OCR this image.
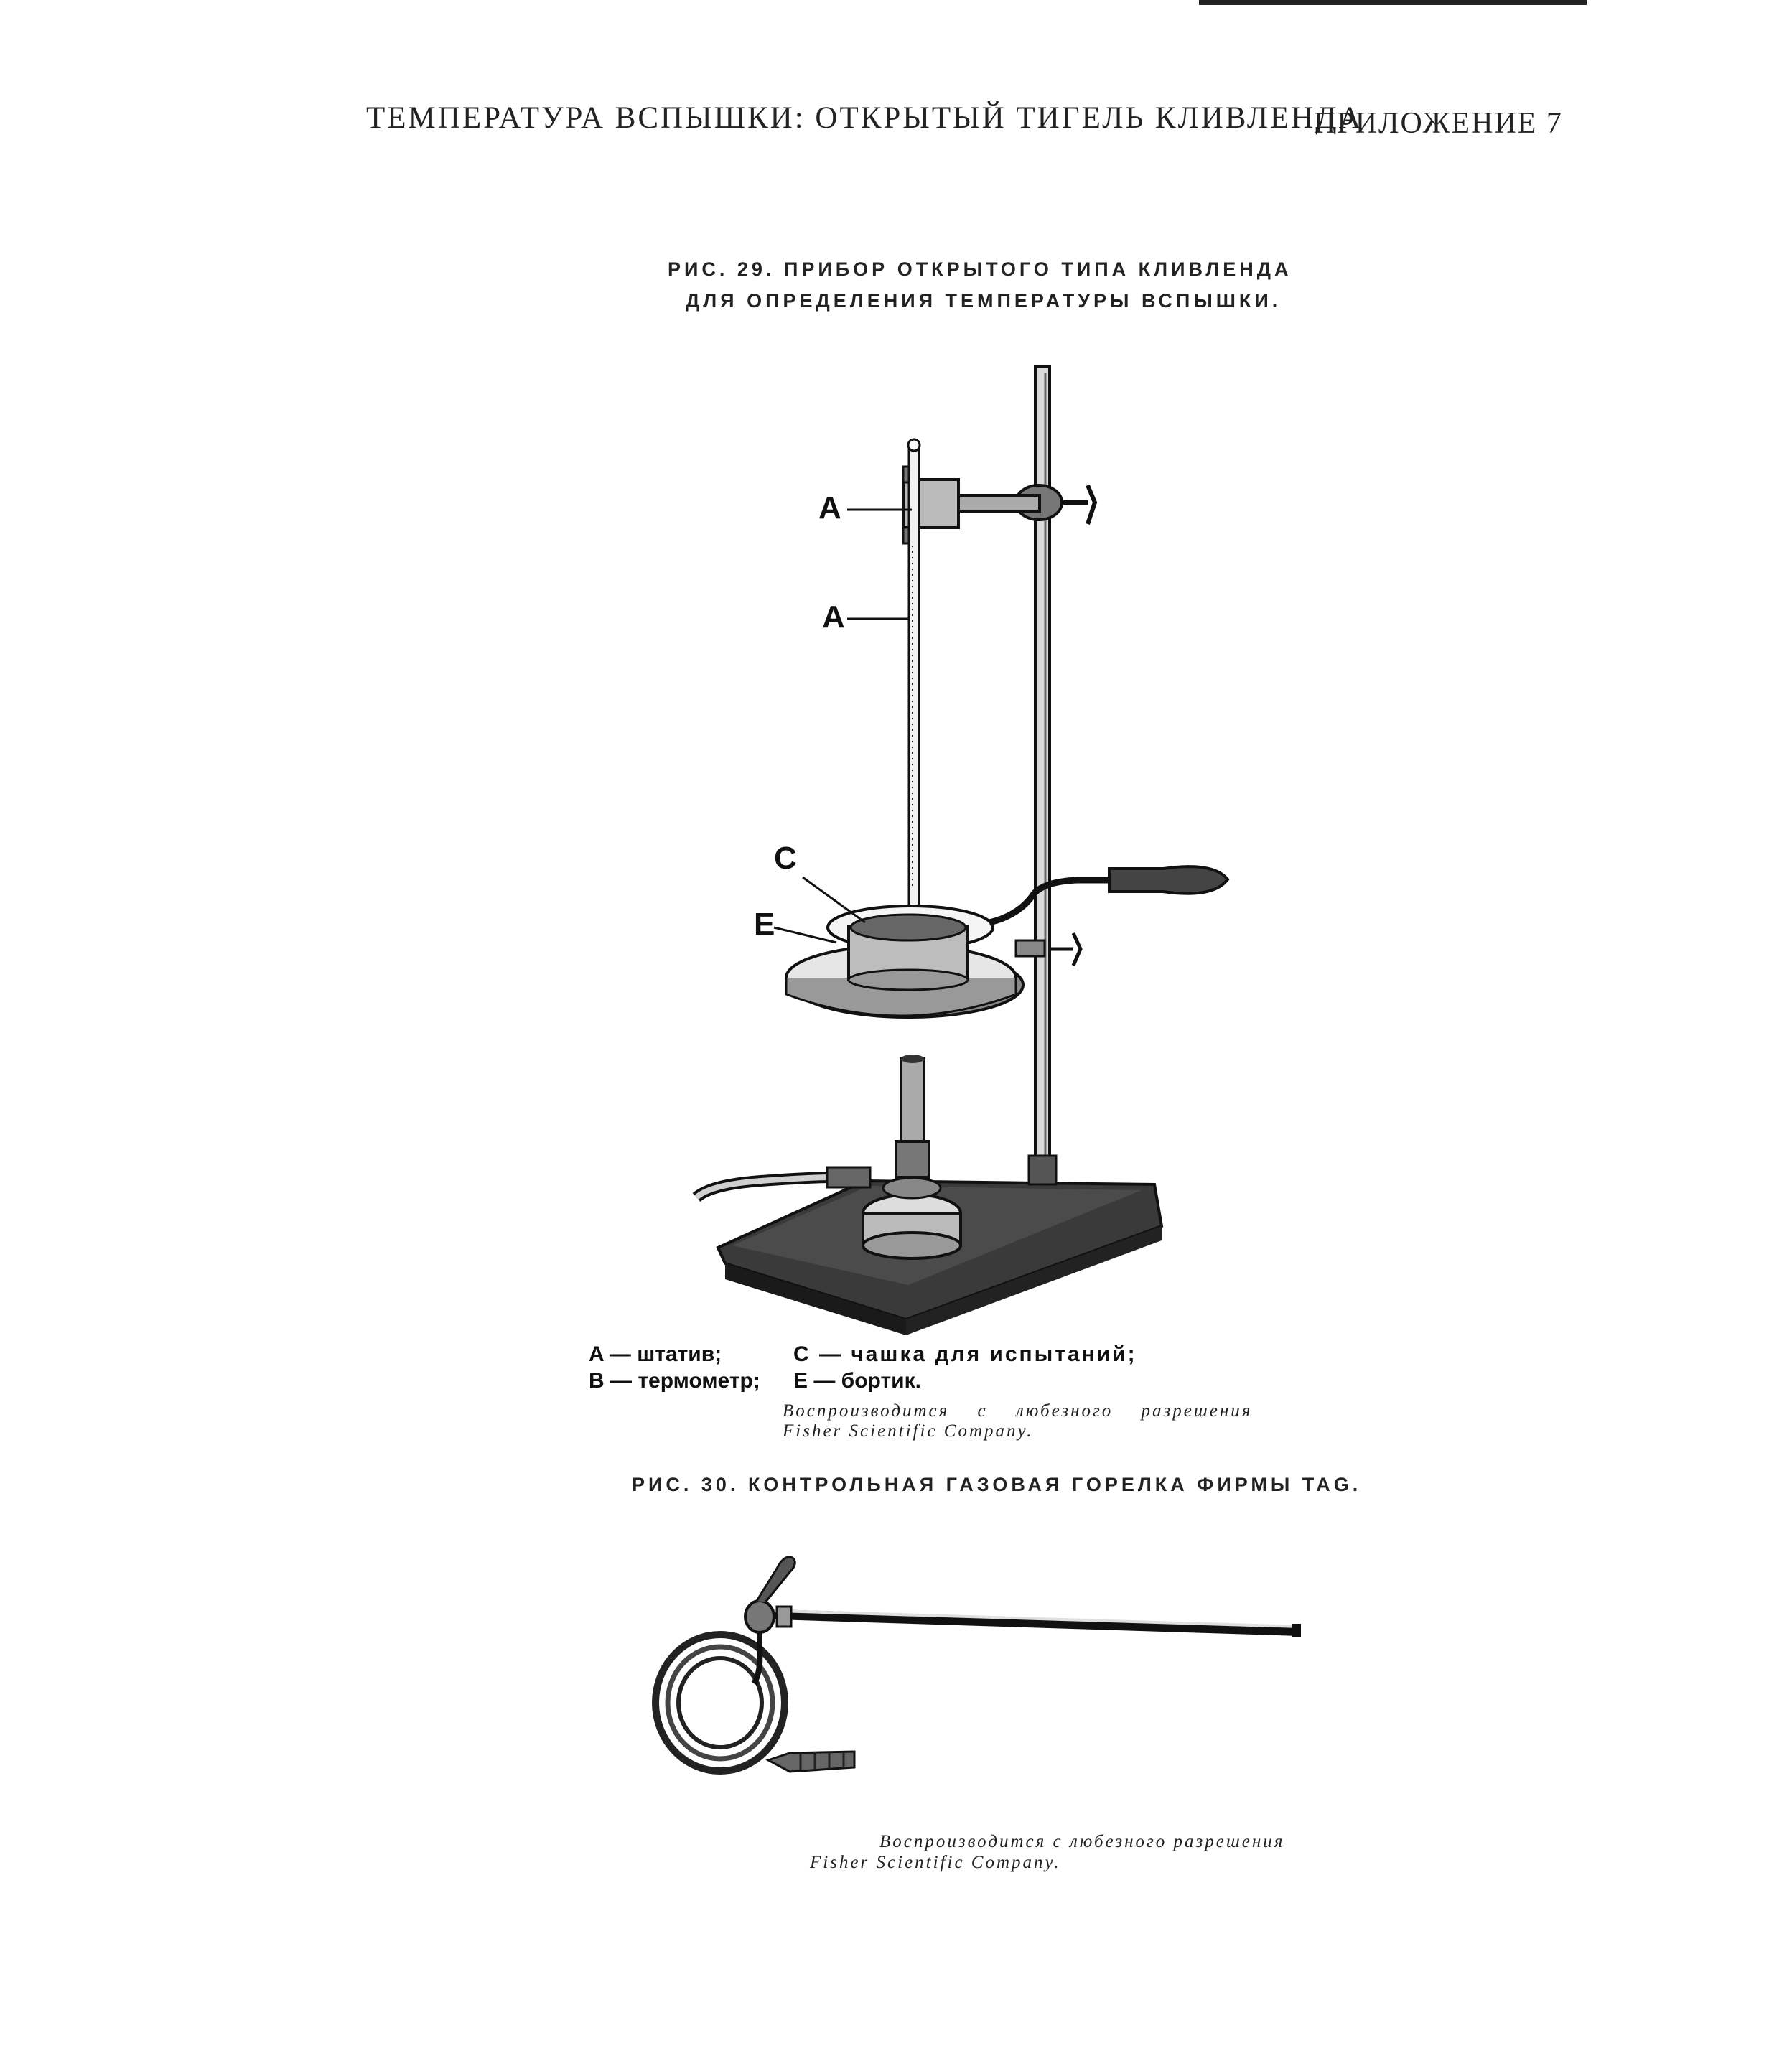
ТЕМПЕРАТУРА ВСПЫШКИ: ОТКРЫТЫЙ ТИГЕЛЬ КЛИВЛЕНДА
ПРИЛОЖЕНИЕ 7
РИС. 29. ПРИБОР ОТКРЫТОГО ТИПА КЛИВЛЕНДА
ДЛЯ ОПРЕДЕЛЕНИЯ ТЕМПЕРАТУРЫ ВСПЫШКИ.
A
A
C
E
A — штатив;
B — термометр;
C — чашка для испытаний;
E — бортик.
Воспроизводится с любезного разрешения
Fisher Scientific Company.
РИС. 30. КОНТРОЛЬНАЯ ГАЗОВАЯ ГОРЕЛКА ФИРМЫ TAG.
Воспроизводится с любезного разрешения
Fisher Scientific Company.
